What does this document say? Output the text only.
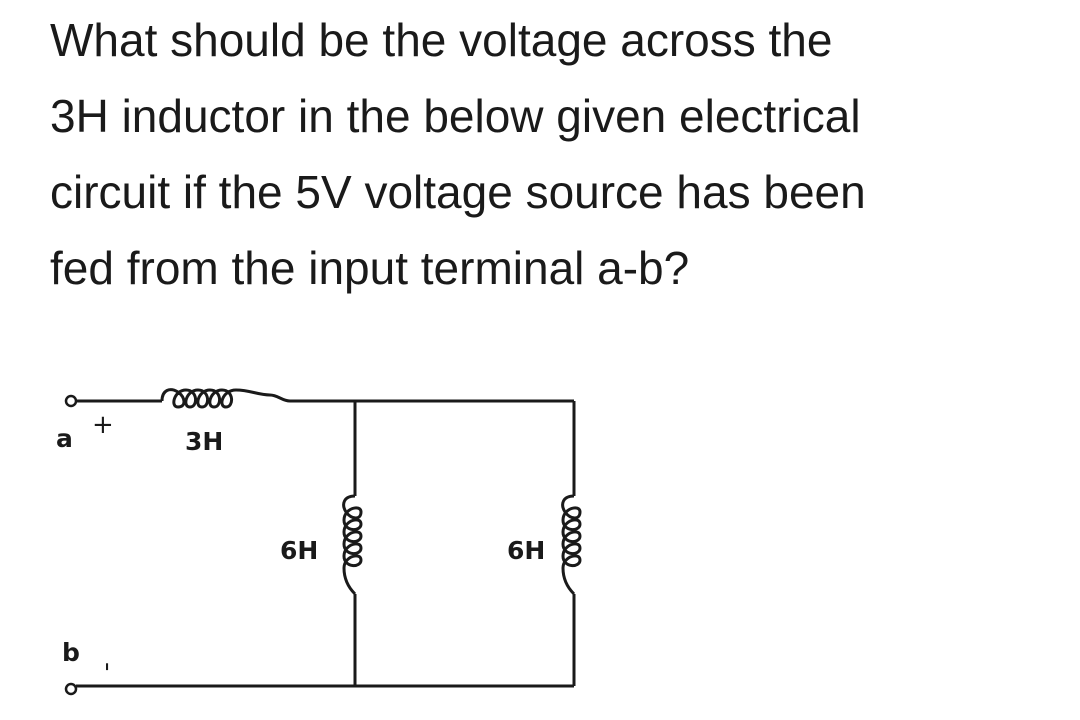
What should be the voltage across the
3H inductor in the below given electrical
circuit if the 5V voltage source has been
fed from the input terminal a-b?
a +
b -
3H
6H	6H
